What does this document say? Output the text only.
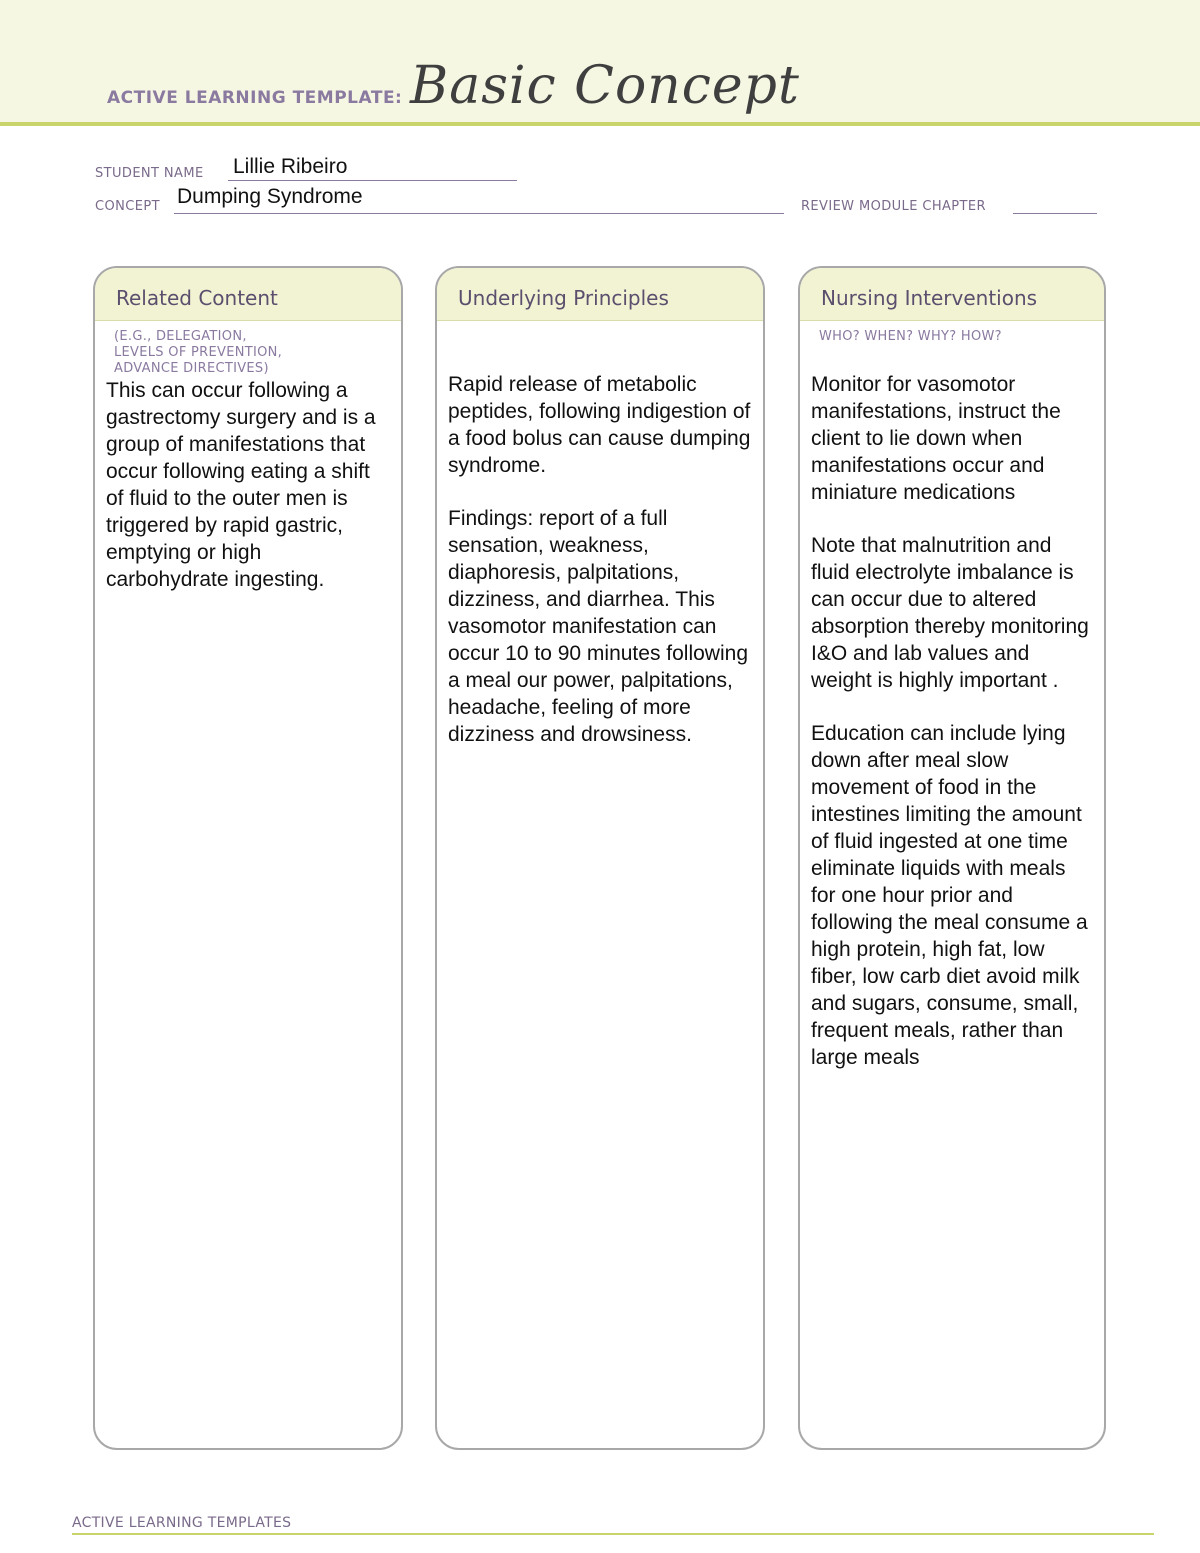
ACTIVE LEARNING TEMPLATE: Basic Concept
STUDENT NAME Lillie Ribeiro
CONCEPT Dumping Syndrome	REVIEW MODULE CHAPTER
Related Content
(E.G., DELEGATION,
LEVELS OF PREVENTION,
ADVANCE DIRECTIVES)

This can occur following a gastrectomy surgery and is a group of manifestations that occur following eating a shift of fluid to the outer men is triggered by rapid gastric, emptying or high carbohydrate ingesting.

Underlying Principles

Rapid release of metabolic peptides, following indigestion of a food bolus can cause dumping syndrome.

Findings: report of a full sensation, weakness, diaphoresis, palpitations, dizziness, and diarrhea. This vasomotor manifestation can occur 10 to 90 minutes following a meal our power, palpitations, headache, feeling of more dizziness and drowsiness.

Nursing Interventions
WHO? WHEN? WHY? HOW?

Monitor for vasomotor manifestations, instruct the client to lie down when manifestations occur and miniature medications

Note that malnutrition and fluid electrolyte imbalance is can occur due to altered absorption thereby monitoring I&O and lab values and weight is highly important .

Education can include lying down after meal slow movement of food in the intestines limiting the amount of fluid ingested at one time eliminate liquids with meals for one hour prior and following the meal consume a high protein, high fat, low fiber, low carb diet avoid milk and sugars, consume, small, frequent meals, rather than large meals

ACTIVE LEARNING TEMPLATES
